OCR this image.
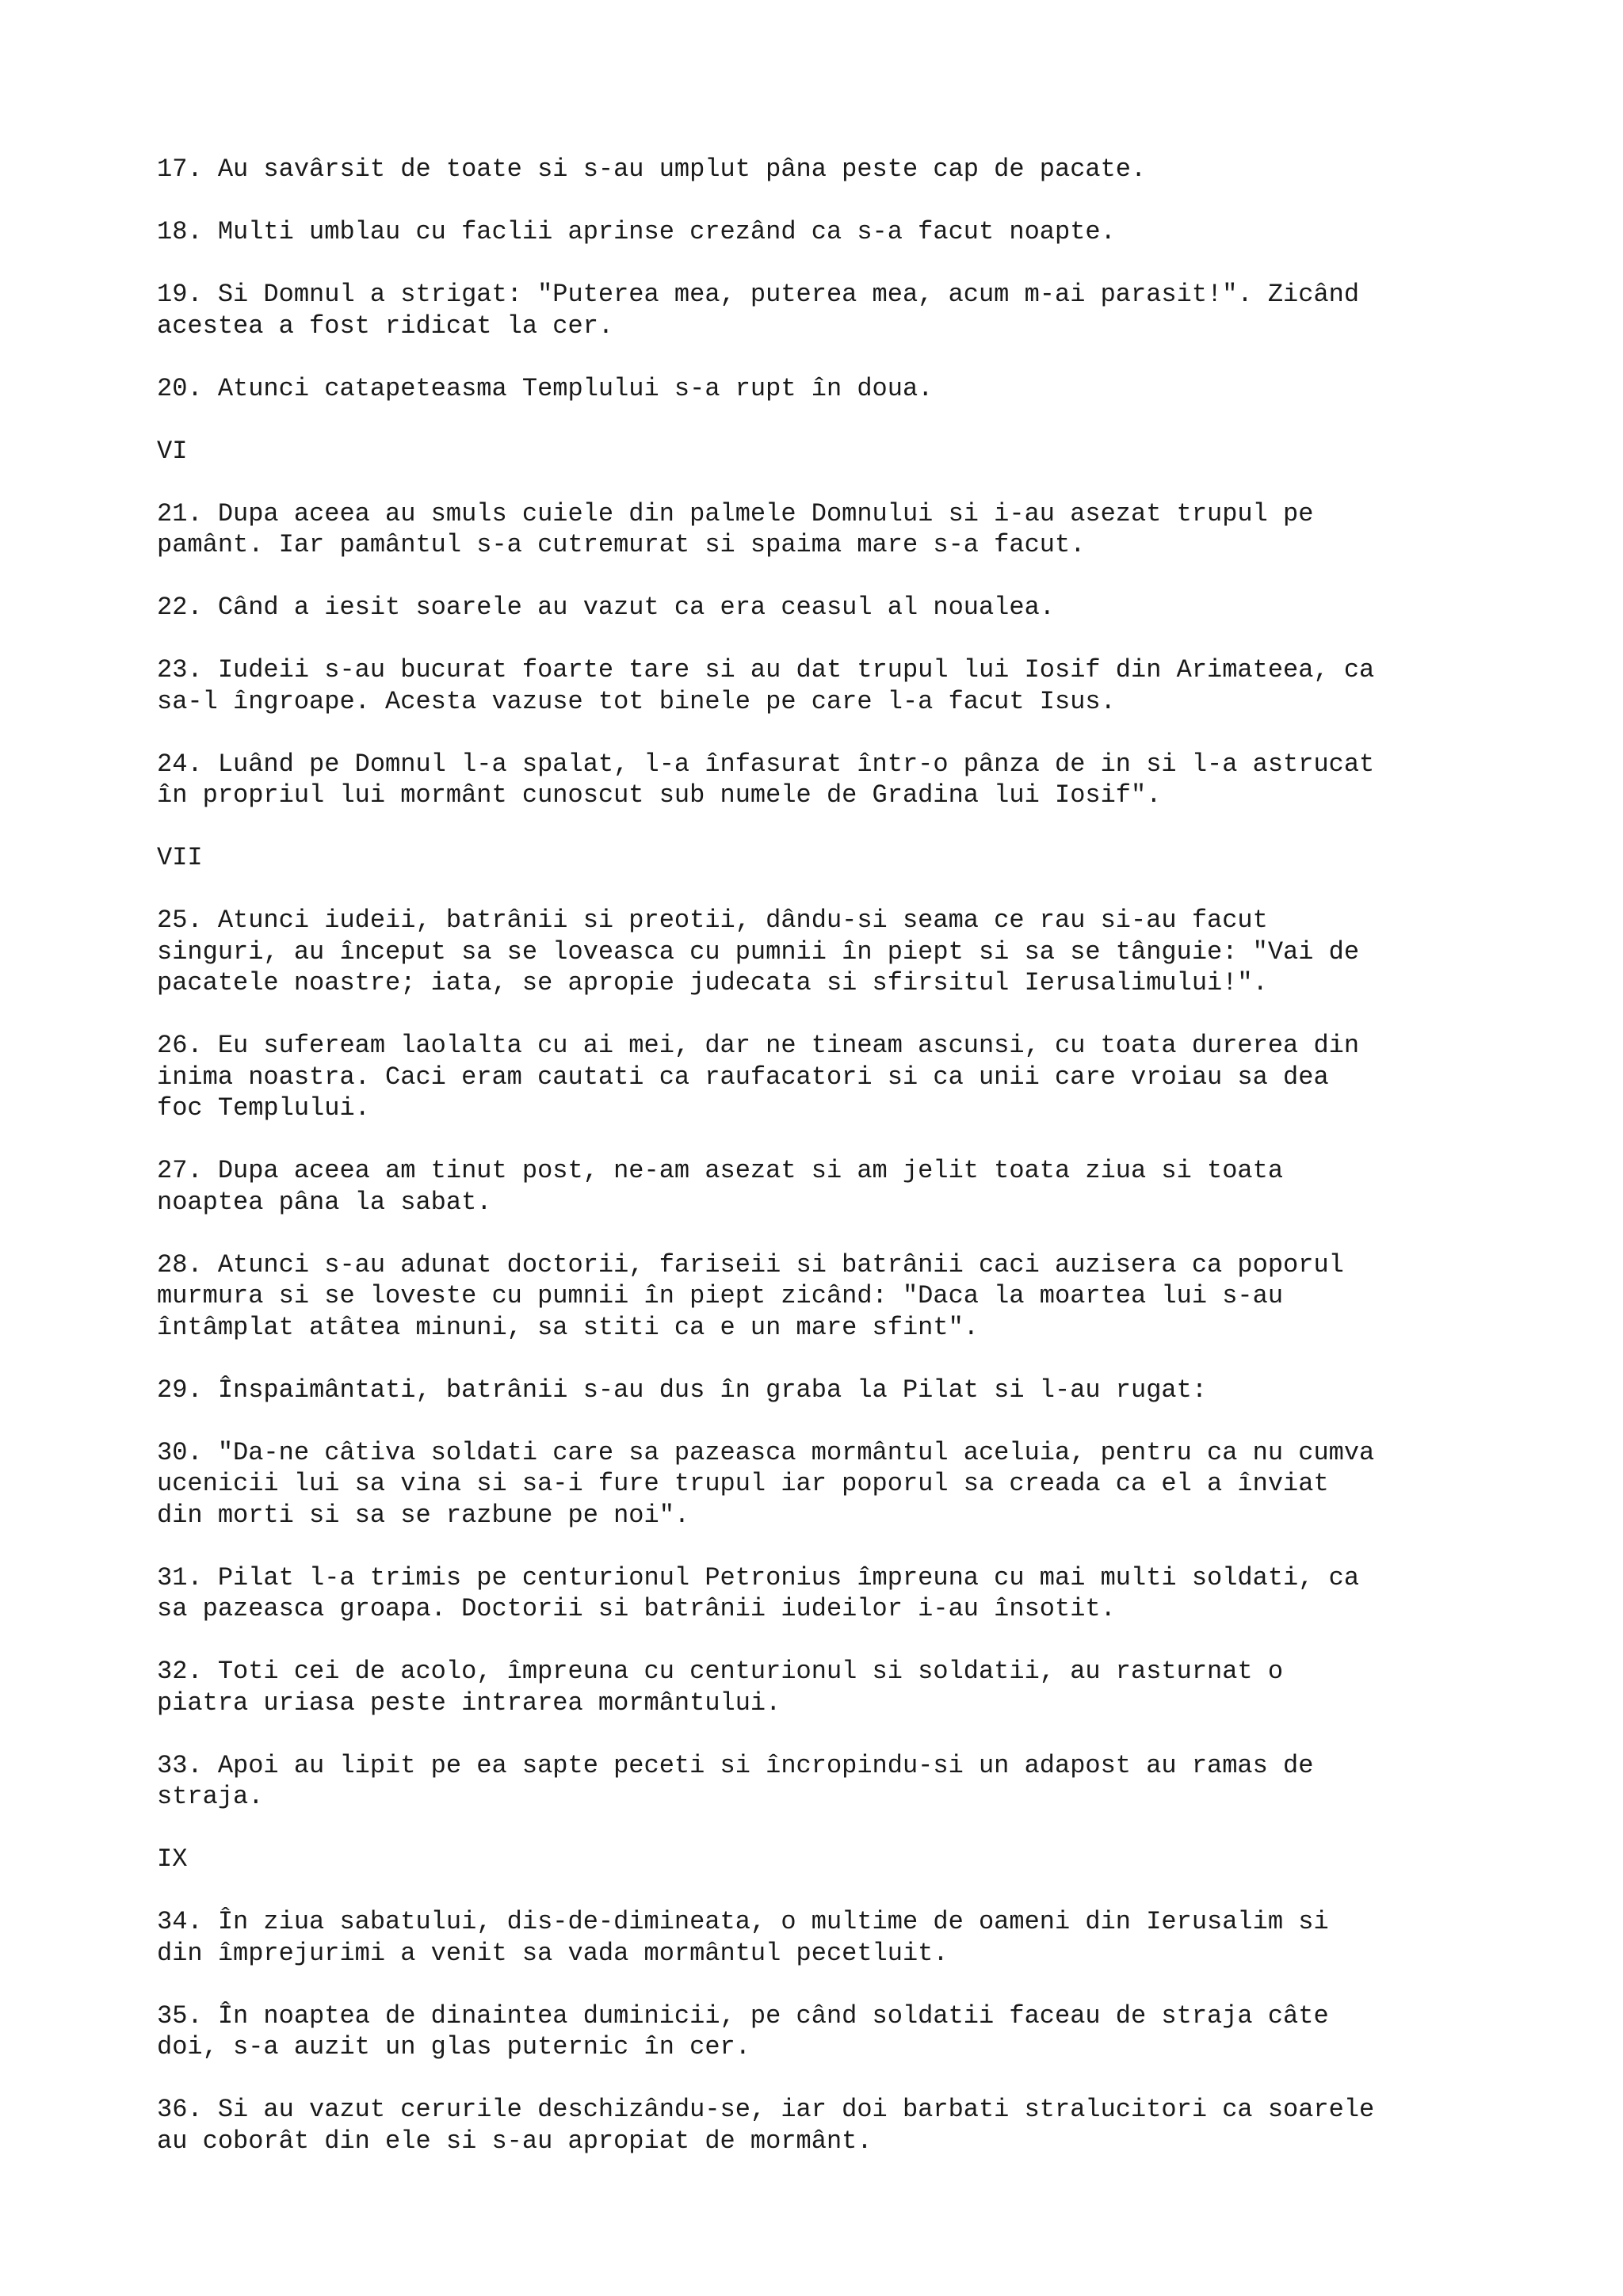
17. Au savârsit de toate si s-au umplut pâna peste cap de pacate.

18. Multi umblau cu faclii aprinse crezând ca s-a facut noapte.

19. Si Domnul a strigat: "Puterea mea, puterea mea, acum m-ai parasit!". Zicând
acestea a fost ridicat la cer.

20. Atunci catapeteasma Templului s-a rupt în doua.

VI

21. Dupa aceea au smuls cuiele din palmele Domnului si i-au asezat trupul pe
pamânt. Iar pamântul s-a cutremurat si spaima mare s-a facut.

22. Când a iesit soarele au vazut ca era ceasul al noualea.

23. Iudeii s-au bucurat foarte tare si au dat trupul lui Iosif din Arimateea, ca
sa-l îngroape. Acesta vazuse tot binele pe care l-a facut Isus.

24. Luând pe Domnul l-a spalat, l-a înfasurat într-o pânza de in si l-a astrucat
în propriul lui mormânt cunoscut sub numele de Gradina lui Iosif".

VII

25. Atunci iudeii, batrânii si preotii, dându-si seama ce rau si-au facut
singuri, au început sa se loveasca cu pumnii în piept si sa se tânguie: "Vai de
pacatele noastre; iata, se apropie judecata si sfirsitul Ierusalimului!".

26. Eu sufeream laolalta cu ai mei, dar ne tineam ascunsi, cu toata durerea din
inima noastra. Caci eram cautati ca raufacatori si ca unii care vroiau sa dea
foc Templului.

27. Dupa aceea am tinut post, ne-am asezat si am jelit toata ziua si toata
noaptea pâna la sabat.

28. Atunci s-au adunat doctorii, fariseii si batrânii caci auzisera ca poporul
murmura si se loveste cu pumnii în piept zicând: "Daca la moartea lui s-au
întâmplat atâtea minuni, sa stiti ca e un mare sfint".

29. Înspaimântati, batrânii s-au dus în graba la Pilat si l-au rugat:

30. "Da-ne câtiva soldati care sa pazeasca mormântul aceluia, pentru ca nu cumva
ucenicii lui sa vina si sa-i fure trupul iar poporul sa creada ca el a înviat
din morti si sa se razbune pe noi".

31. Pilat l-a trimis pe centurionul Petronius împreuna cu mai multi soldati, ca
sa pazeasca groapa. Doctorii si batrânii iudeilor i-au însotit.

32. Toti cei de acolo, împreuna cu centurionul si soldatii, au rasturnat o
piatra uriasa peste intrarea mormântului.

33. Apoi au lipit pe ea sapte peceti si încropindu-si un adapost au ramas de
straja.

IX

34. În ziua sabatului, dis-de-dimineata, o multime de oameni din Ierusalim si
din împrejurimi a venit sa vada mormântul pecetluit.

35. În noaptea de dinaintea duminicii, pe când soldatii faceau de straja câte
doi, s-a auzit un glas puternic în cer.

36. Si au vazut cerurile deschizându-se, iar doi barbati stralucitori ca soarele
au coborât din ele si s-au apropiat de mormânt.
